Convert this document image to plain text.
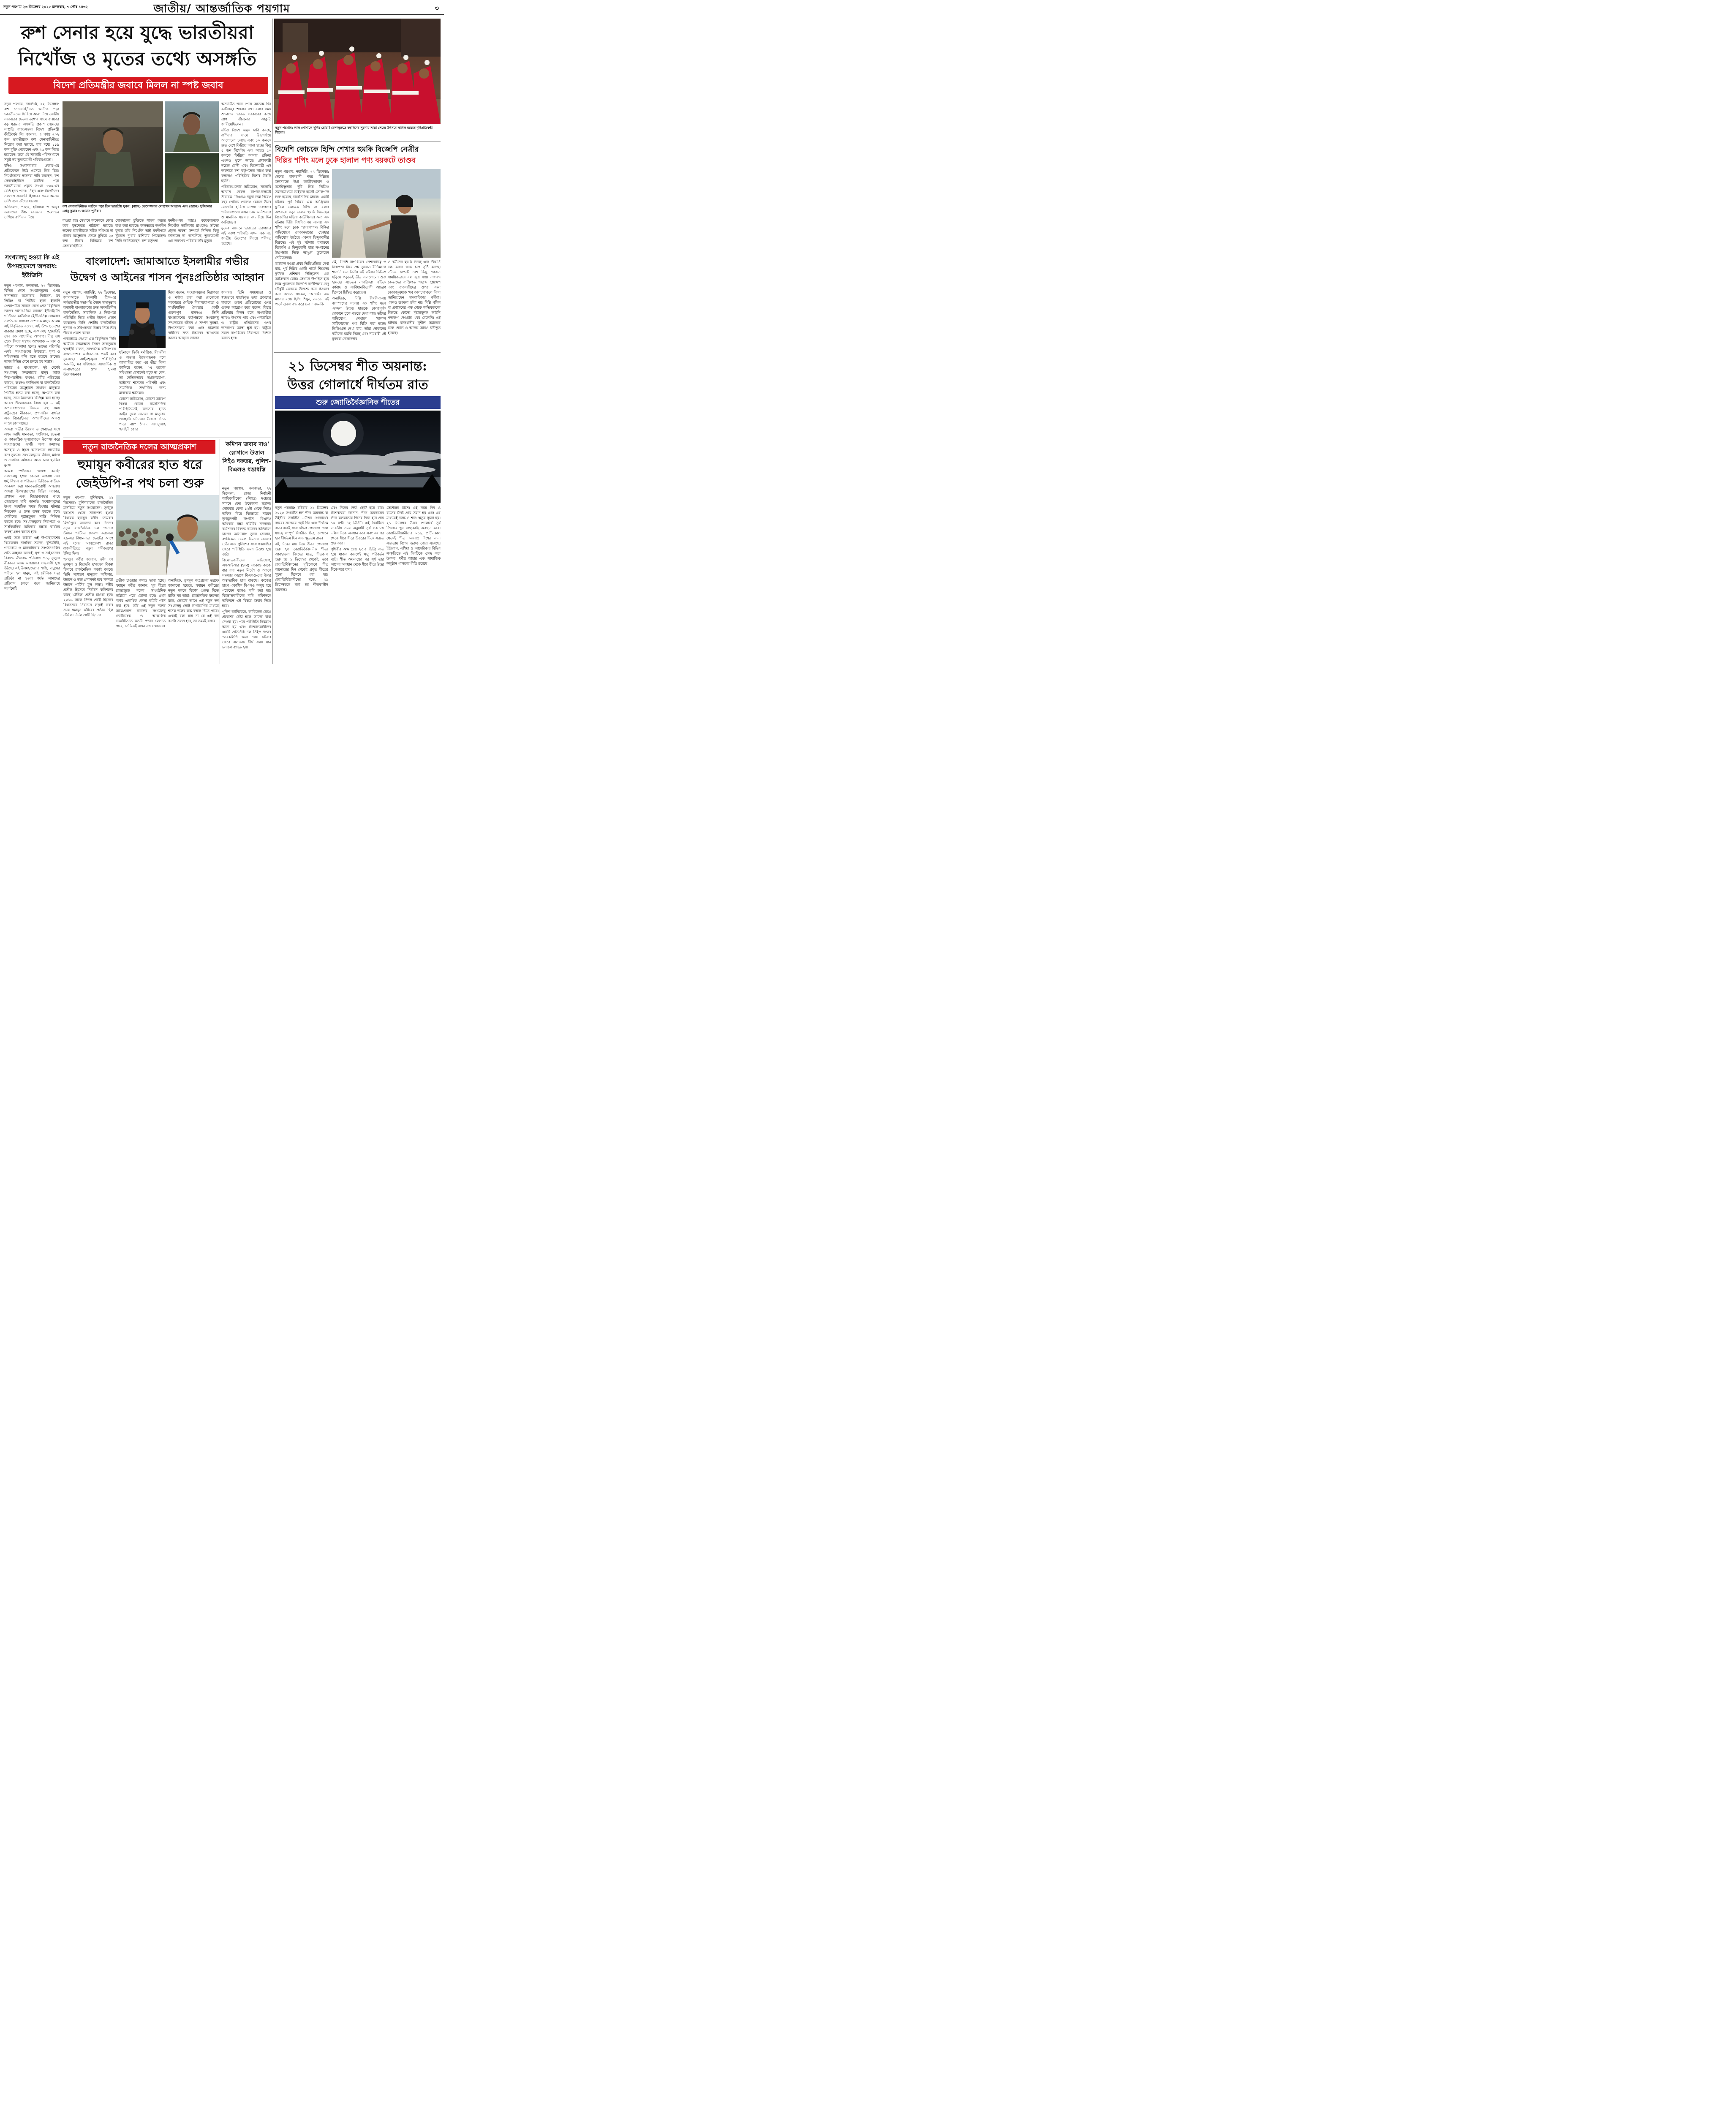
নতুন পয়গাম ২৩ ডিসেম্বর ২০২৫ মঙ্গলবার, ৭ পৌষ ১৪৩২	জাতীয়/ আন্তর্জাতিক পয়গাম	৩
রুশ সেনার হয়ে যুদ্ধে ভারতীয়রা
নিখোঁজ ও মৃতের তথ্যে অসঙ্গতি
বিদেশ প্রতিমন্ত্রীর জবাবে মিলল না স্পষ্ট জবাব
নতুন পয়গাম: লাল পোশাকে খুশির ছোঁয়া! বেঙ্গালুরুতে বড়দিনের সূচনায় সান্তা সেজে উৎসবে সামিল হয়েছে দৃষ্টিপ্রতিবন্ধী শিশুরা।

নতুন পয়গাম, নয়াদিল্লি, ২২ ডিসেম্বর: রুশ সেনাবাহিনীতে আটকে পড়া ভারতীয়দের ফিরিয়ে আনা নিয়ে কেন্দ্রীয় সরকারের দেওয়া তথ্যের সাথে বাস্তবের বড় ধরনের অসঙ্গতি প্রকাশ পেয়েছে। সম্প্রতি রাজ্যসভায় বিদেশ প্রতিমন্ত্রী কীর্তিবর্ধন সিং জানান, এ পর্যন্ত ২০২ জন ভারতীয়কে রুশ সেনাবাহিনীতে নিয়োগ করা হয়েছে, যার মধ্যে ১১৯ জন মুক্তি পেয়েছেন এবং ২৬ জন নিহত হয়েছেন। তবে এই সরকারি পরিসংখ্যানে সন্তুষ্ট নয় ভুক্তভোগী পরিবারগুলো।

যদিও সংবাদমাধ্যম ওয়্যার-এর প্রতিবেদনে উঠে এসেছে ভিন্ন চিত্র। নিখোঁজদের স্বজনরা দাবি করছেন, রুশ সেনাবাহিনীতে আটকে পড়া ভারতীয়দের প্রকৃত সংখ্যা ৮০০-এর বেশি হতে পারে। নিহত এবং নিখোঁজের সংখ্যাও সরকারি হিসাবের চেয়ে অনেক বেশি বলে তাঁদের ধারণা।

অভিযোগ, পঞ্জাব, হরিয়ানা ও জম্মুর তরুণদের উচ্চ বেতনের প্রলোভন দেখিয়ে রাশিয়ায় নিয়ে

রুশ সেনাবাহিনীতে আটকে পড়া তিন ভারতীয় যুবক: (বামে) তেলেঙ্গানার মোহাম্মদ আহমেদ এবং (ডানে) হরিয়ানার সোনু কুমার ও আমান পুনিয়া।
যাওয়া হয়। সেখানে অনেককে জোর করে যুদ্ধক্ষেত্রে পাঠানো হয়েছে। অনেক ভারতীয়কে সঠিক নথিপত্র না থাকার অজুহাতে জেলে ঢুকিয়ে ২৫ লক্ষ টাকার বিনিময়ে রুশ সেনাবাহিনীতে
যোগদানের চুক্তিতে স্বাক্ষর করতে বাধ্য করা হয়েছে। জলন্ধরের জগদীপ কুমার তাঁর নিখোঁজ ভাই মনদীপকে খুঁজতে দু'বার রাশিয়ায় গিয়েছেন। তিনি জানিয়েছেন, রুশ কর্তৃপক্ষ
মনদীপ-সহ আরও কয়েকজনকে নিখোঁজ তালিকায় রাখলেও তাঁদের প্রকৃত অবস্থা সম্পর্কে নিশ্চিত কিছু জানাচ্ছে না। অন্যদিকে, ভুক্তভোগী এক তরুণের পরিবার তাঁর মৃত্যুর

অসমর্থিত খবর পেয়ে আতঙ্কে দিন কাটাচ্ছে। শেষবার কথা বলার সময় শুভাশেষ ভারত সরকারের কাছে প্রাণ বাঁচানোর আকুতি জানিয়েছিলেন।

যদিও বিদেশ মন্ত্রক দাবি করছে, রাশিয়ার সাথে উচ্চপর্যায়ে আলোচনা চলছে এবং ১০ জনকে দ্রুত দেশে ফিরিয়ে আনা হচ্ছে। কিন্তু ৫ জন নিখোঁজ এবং আরও ৫০ জনকে ফিরিয়ে আনার প্রক্রিয়া এখনও ঝুলে আছে। প্রধানমন্ত্রী নরেন্দ্র মোদী এবং বিদেশমন্ত্রী এস জয়শঙ্কর রুশ কর্তৃপক্ষের সাথে কথা বললেও পরিস্থিতির বিশেষ উন্নতি হয়নি।

পরিবারগুলোর অভিযোগ, সরকারি আশ্বাস কেবল কাগজ-কলমেই সীমাবদ্ধ। ডিএনএ নমুনা জমা দিয়েও বছর পেরিয়ে গেলেও কোনো উত্তর মেলেনি। হারিয়ে যাওয়া তরুণদের পরিবারগুলো এখন চরম অনিশ্চয়তা ও মানসিক যন্ত্রণার মধ্য দিয়ে দিন কাটাচ্ছেন।

যুদ্ধের ময়দানে ভারতের তরুণদের এই করুণ পরিণতি এখন এক বড় জাতীয় উদ্বেগের বিষয়ে পরিণত হয়েছে।

বিদেশি কোচকে হিন্দি শেখার হুমকি বিজেপি নেত্রীর
দিল্লির শপিং মলে ঢুকে হালাল পণ্য বয়কটে তাণ্ডব

নতুন পয়গাম, নয়াদিল্লি, ২২ ডিসেম্বর: দেশের রাজধানী শহর দিল্লিতে জনসমক্ষে উগ্র জাতীয়তাবাদ ও অসহিষ্ণুতার দুটি ভিন্ন ভিডিও সমাজমাধ্যমে ভাইরাল হতেই তোলপাড় শুরু হয়েছে রাজনৈতিক মহলে। একটি ঘটনায় পূর্ব দিল্লির এক আফ্রিকান ফুটবল কোচকে হিন্দি না বলার অপরাধে কড়া ভাষায় হুমকি দিয়েছেন বিজেপির মহিলা কাউন্সিলর। অন্য এক ঘটনায় দিল্লি বিশ্ববিদ্যালয় সংলগ্ন এক শপিং মলে ঢুকে 'হালাল'পণ্য বিক্রির অভিযোগে দোকানদারের হেনস্থার অভিযোগ উঠেছে একদল হিন্দুত্ববাদীর বিরুদ্ধে। এই দুই ঘটনায় যথাক্রমে বিজেপি ও হিন্দুত্ববাদী ছাত্র সংগঠনের উগ্রপন্থার দিকে আঙুল তুলেছেন নেটিজেনরা।

ভাইরাল হওয়া প্রথম ভিডিওটিতে দেখা যায়, পূর্ব দিল্লির একটি পার্কে শিশুদের ফুটবল প্রশিক্ষণ দিচ্ছিলেন এক আফ্রিকান কোচ। সেখানে উপস্থিত হয়ে দিল্লি পুরসভার বিজেপি কাউন্সিলর রেণু চৌধুরী কোচকে উদ্দেশ্য করে চিৎকার করে বলতে থাকেন, 'আগামী এক মাসের মধ্যে হিন্দি শিখুন, নয়তো এই পার্কে ঢোকা বন্ধ করে দেব।' এমনকি

ওই বিদেশি নাগরিকের পেশাদারিত্ব ও নিরাপত্তা নিয়ে প্রশ্ন তুলেও রীতিমতো শাসানি দেন তিনি। এই ঘটনার ভিডিও ছড়িয়ে পড়তেই তীব্র সমালোচনা শুরু হয়েছে। সচেতন নাগরিকরা এটিকে বর্ণবাদ ও সংবিধানবিরোধী আচরণ হিসেবে চিহ্নিত করেছেন।

অন্যদিকে, দিল্লি বিশ্ববিদ্যালয় ক্যাম্পাসের সংলগ্ন এক শপিং মলে একদল উন্মত্ত ছাত্রকে জোরপূর্বক দোকানে ঢুকে পড়তে দেখা যায়। তাঁদের অভিযোগ, সেখানে 'হালাল সার্টিফায়েড' পণ্য বিক্রি করা হচ্ছে। ভিডিওতে দেখা যায়, তাঁরা দোকানের কর্মীদের হুমকি দিচ্ছে এবং নামধারী ওই যুবকরা দোকানদার

ও কর্মীদের হুমকি দিচ্ছে এবং উস্কানি বন্ধ করার জন্য চাপ সৃষ্টি করছে। তাঁদের দাপটে বেশ কিছু দোকান সাময়িকভাবে বন্ধ হয়ে যায়। সাধারণ ক্রেতাদের ব্যক্তিগত পছন্দে হস্তক্ষেপ এবং ব্যবসায়ীদের ওপর এমন জোরজুলুমকে 'মব কালচার'বলে নিন্দা জানিয়েছেন মানবাধিকার কর্মীরা। এমনও শুকনো তাঁরা নয়। দিল্লি পুলিশ বা প্রশাসনের পক্ষ থেকে অভিযুক্তদের বিরুদ্ধে কোনো দৃষ্টান্তমূলক আইনি পদক্ষেপ নেওয়ার খবর মেলেনি। এই ঘটনায় রাজধানীর সুশীল সমাজের মধ্যে ক্ষোভ ও আতঙ্ক আরও ঘনীভূত হয়েছে।
সংখ্যালঘু হওয়া কি এই উপমহাদেশে অপরাধ: ইউজিসি

নতুন পয়গাম, কলকাতা, ২২ ডিসেম্বর: বিভিন্ন দেশে সংখ্যালঘুদের ওপর নানাভাবে অত্যাচার, নির্যাতন, মব লিঞ্চিং বা পিটিয়ে হত্যা ইত্যাদি প্রেক্ষাপটকে সামনে রেখে প্রেস বিবৃতিতে তাদের দলিত-চিন্তা জানাল ইউনাইটেড গার্ডিয়ান কাউন্সিল (ইউজিসি)। সোমবার সংগঠনের সাধারণ সম্পাদক মাসুদ আলম এই বিবৃতিতে বলেন, এই উপমহাদেশের বারবার প্রমাণ হচ্ছে, সংখ্যালঘু হওয়াটাই যেন এক অঘোষিত অপরাধ। দীপু দাস হোক কিংবা মহম্মদ আখলাক -- নাম ও পরিচয় আলাদা হলেও তাদের পরিণতি একই। সংখ্যাগুরুর উন্মত্ততা, ঘৃণা ও সহিংসতার বলি হতে হয়েছে তাদের। আজ বিভিন্ন দেশে চলছে মব সন্ত্রাস।

ভারত ও বাংলাদেশ, দুই দেশেই সংখ্যালঘু সম্প্রদায়ের মানুষ আজ নিরাপত্তাহীন। কখনও ধর্মীয় পরিচয়ের কারণে, কখনও জাতিগত বা রাজনৈতিক পরিচয়ের অজুহাতে সাধারণ মানুষকে পিটিয়ে হত্যা করা হচ্ছে, অপমান করা হচ্ছে, সামাজিকভাবে বিচ্ছিন্ন করা হচ্ছে। আরও উদ্বেগজনক বিষয় হল -- এই অপরাধগুলোর বিরুদ্ধে বহু সময় রাষ্ট্রযন্ত্রের নীরবতা, প্রশাসনিক ব্যর্থতা এবং বিচারহীনতা অপরাধীদের আরও সাহস জোগাচ্ছে।

আমরা গভীর উদ্বেগ ও ক্ষোভের সঙ্গে লক্ষ্য করছি মানবতা, সংবিধান, চেতনা ও গণতান্ত্রিক মূল্যবোধকে উপেক্ষা করে সংখ্যাগুরুর একটি অংশ ক্রমাগত অসহায় ও হিংস্র আচরণকে স্বাভাবিক করে তুলছে। সংখ্যালঘুদের জীবন, মর্যাদা ও নাগরিক অধিকার আজ চরম হুমকির মুখে।

আমরা স্পষ্টভাবে ঘোষণা করছি: সংখ্যালঘু হওয়া কোনো অপরাধ নয়। ধর্ম, বিশ্বাস বা পরিচয়ের ভিত্তিতে কাউকে আক্রমণ করা মানবতাবিরোধী অপরাধ। আমরা উপমহাদেশের বিভিন্ন সরকার, প্রশাসন এবং বিচারব্যবস্থার কাছে জোরালো দাবি জানাই। সংখ্যালঘুদের উপর সংঘটিত সমস্ত হিংসার ঘটনার নিরপেক্ষ ও দ্রুত তদন্ত করতে হবে। দোষীদের দৃষ্টান্তমূলক শাস্তি নিশ্চিত করতে হবে। সংখ্যালঘুদের নিরাপত্তা ও সাংবিধানিক অধিকার রক্ষায় কার্যকর ব্যবস্থা গ্রহণ করতে হবে।

একই সঙ্গে আমরা এই উপমহাদেশের বিবেকবান নাগরিক সমাজ, বুদ্ধিজীবী, গণমাধ্যম ও মানবাধিকার সংগঠনগুলির প্রতি আহ্বান জানাই, ঘৃণা ও সহিংসতার বিরুদ্ধে ঐক্যবদ্ধ প্রতিবাদে গড়ে তুলুন। নীরবতা আজ অপরাধের সহযোগী হয়ে উঠছে। এই উপমহাদেশের শান্তি, মানুষের পরিচয় হল মানুষ, এই মৌলিক সত্য প্রতিষ্ঠা না হওয়া পর্যন্ত আমাদের প্রতিবাদ চলবে বলে জানিয়েছে সংগঠনটি।

বাংলাদেশ: জামাআতে ইসলামীর গভীর
উদ্বেগ ও আইনের শাসন পুনঃপ্রতিষ্ঠার আহ্বান

নতুন পয়গাম, নয়াদিল্লি, ২২ ডিসেম্বর: জামাআতে ইসলামী হিন্দ-এর সর্বভারতীয় সভাপতি সৈয়দ সাদাতুল্লাহ হুসাইনী বাংলাদেশের দ্রুত অবনতিশীল রাজনৈতিক, সামাজিক ও নিরাপত্তা পরিস্থিতি নিয়ে গভীর উদ্বেগ প্রকাশ করেছেন। তিনি দেশটির রাজনৈতিক শূন্যতা ও সহিংসতার বিস্তার নিয়ে তীব্র উদ্বেগ প্রকাশ করেন।

গণমাধ্যমে দেওয়া এক বিবৃতিতে তিনি আমীরে জামাআত সৈয়দ সাদাতুল্লাহ হুসাইনী বলেন, সাম্প্রতিক ঘটনাপ্রবাহ বাংলাদেশের অস্থিরতাকে প্রকট করে তুলেছে। আইনশৃঙ্খলা পরিস্থিতির অবনতি, মব সহিংসতা, সাংবাদিক ও সংবাদপত্রের ওপর হামলা উদ্বেগজনক।

ঘটনাকে তিনি মর্মান্তিক, নিন্দনীয় ও অত্যন্ত উদ্বেগজনক বলে আখ্যায়িত করে এর তীব্র নিন্দা জানিয়ে বলেন, "এ ধরনের সহিংসতা যেখানেই ঘটুক না কেন, তা নৈতিকভাবে অগ্রহণযোগ্য, আইনের শাসনের পরিপন্থী এবং সামাজিক সম্প্রীতির জন্য মারাত্মক ক্ষতিকর।

কোনো অভিযোগ, কোনো আবেগ কিংবা কোনো রাজনৈতিক পরিস্থিতিতেই জনতার হাতে আইন তুলে নেওয়া বা মানুষের প্রাণহানি ঘটানোর বৈধতা দিতে পারে না।" সৈয়দ সাদাতুল্লাহ হুসাইনী জোর

দিয়ে বলেন, সংখ্যালঘুদের নিরাপত্তা ও মর্যাদা রক্ষা করা যেকোনো সরকারের নৈতিক বিশ্বাসযোগ্যতা ও সাংবিধানিক বৈধতার একটি গুরুত্বপূর্ণ মানদণ্ড। তিনি বাংলাদেশের কর্তৃপক্ষকে সংখ্যালঘু সম্প্রদায়ের জীবন ও সম্পদ সুরক্ষা, উপাসনালয় রক্ষা এবং হামলায় দায়ীদের দ্রুত বিচারের আওতায় আনার আহ্বান জানান।
জানান। তিনি সময়মতো ও স্বচ্ছভাবে যাচাইকৃত তথ্য প্রকাশের মাধ্যমে গুজব প্রতিরোধের ওপর গুরুত্ব আরোপ করে বলেন, বিচার প্রক্রিয়ায় বিলম্ব হলে অপরাধীরা আরও উৎসাহ পায় এবং গণতান্ত্রিক ও রাষ্ট্রীয় প্রতিষ্ঠানের ওপর জনগণের আস্থা ক্ষুণ্ণ হয়। রাষ্ট্রকে সকল নাগরিকের নিরাপত্তা নিশ্চিত করতে হবে।
২১ ডিসেম্বর শীত অয়নান্ত:
উত্তর গোলার্ধে দীর্ঘতম রাত
শুরু জ্যোতির্বৈজ্ঞানিক শীতের

নতুন পয়গাম: রবিবার ২১ ডিসেম্বর ২০২৫ সংঘটিত হল শীত অয়নান্ত বা উইন্টার সলস্টিস --উত্তর গোলার্ধের বছরের সবচেয়ে ছোট দিন এবং দীর্ঘতম রাত। একই সঙ্গে দক্ষিণ গোলার্ধে দেখা যাচ্ছে সম্পূর্ণ বিপরীত চিত্র; সেখানে হবে দীর্ঘতম দিন এবং ক্ষুদ্রতম রাত।

এই দিনের মধ্য দিয়ে উত্তর গোলার্ধে শুরু হল জ্যোতির্বৈজ্ঞানিক শীত। আবহাওয়া বিদদের মতে, শীতকাল শুরু হয় ১ ডিসেম্বর থেকেই, তবে জ্যোতির্বিজ্ঞানের দৃষ্টিকোণে শীত অয়নান্তের দিন থেকেই প্রকৃত শীতের সূচনা হিসেবে ধরা হয়। জ্যোতির্বিজ্ঞানীদের মতে, ২১ ডিসেম্বরকে বলা হয় শীতকালীন অয়নান্ত।

এবং দিনের দৈর্ঘ্য ছোট হয়ে যায়। বিশেষজ্ঞরা জানান, শীত অয়নান্তের দিনে কলকাতায় দিনের দৈর্ঘ্য হবে প্রায় ১০ ঘণ্টা ৪২ মিনিট। এই দিনটিতে ভারতীয় সময় অনুযায়ী সূর্য সবচেয়ে দক্ষিণ দিকে অবস্থান করে এবং এর পর থেকে ধীরে ধীরে উত্তরের দিকে সরতে শুরু করে।

পৃথিবীর অক্ষ প্রায় ২৩.৫ ডিগ্রি কাত হয়ে থাকার কারণেই ঋতু পরিবর্তন ঘটে। শীত অয়নান্তের পর সূর্য তার আগের অবস্থান থেকে ধীরে ধীরে উত্তর দিকে সরে যায়।

সেপ্টেম্বর মাসে। এই সময় দিন ও রাতের দৈর্ঘ্য প্রায় সমান হয় এবং এর মাধ্যমেই বসন্ত ও শরৎ ঋতুর সূচনা হয়। ২১ ডিসেম্বর উত্তর গোলার্ধে সূর্য দিগন্তের খুব কাছাকাছি অবস্থান করে। জ্যোতির্বিজ্ঞানীদের মতে, প্রাচীনকাল থেকেই শীত অয়নান্ত বিশ্বের নানা সভ্যতায় বিশেষ গুরুত্ব পেয়ে এসেছে। ইউরোপ, এশিয়া ও আমেরিকার বিভিন্ন সংস্কৃতিতে এই দিনটিকে কেন্দ্র করে উৎসব, ধর্মীয় আচার এবং সামাজিক অনুষ্ঠান পালনের রীতি রয়েছে।
নতুন রাজনৈতিক দলের আত্মপ্রকাশ
হুমায়ূন কবীরের হাত ধরে
জেইউপি-র পথ চলা শুরু

নতুন পয়গাম, মুর্শিদাবাদ, ২২ ডিসেম্বর: মুর্শিদাবাদের রাজনৈতিক মানচিত্রে নতুন সংযোজন। তৃণমূল কংগ্রেস থেকে সাসপেন্ড হওয়া বিধায়ক হুমায়ুন কবীর সোমবার মির্জাপুরে জনসভা করে নিজের নতুন রাজনৈতিক দল 'জনতা উন্নয়ন পার্টি'-র ঘোষণা করলেন। ২৬-এর বিধানসভা ভোটের আগে এই দলের আত্মপ্রকাশ রাজ্য রাজনীতিতে নতুন সমীকরণের ইঙ্গিত দিল।

হুমায়ুন কবীর জানান, তাঁর দল তৃণমূল ও বিজেপি দু'পক্ষের বিকল্প হিসাবে রাজনৈতিক লড়াই করবে। তিনি সাধারণ মানুষের অধিকার, উন্নয়ন ও স্বচ্ছ প্রশাসনই হবে 'জনতা উন্নয়ন পার্টি'র মূল লক্ষ্য। দলীয় প্রতীক হিসেবে নির্বাচন কমিশনের কাছে 'টেবিল' প্রতীক চাওয়া হবে। ২০১৬ সালে নির্দল প্রার্থী হিসেবে বিধানসভা নির্বাচনে লড়াই করার সময় হুমায়ুন কবীরের প্রতীক ছিল টেবিল। নির্দল প্রার্থী হিসাবে

প্রতীক চাওয়ার কথাও ভাবা হচ্ছে। হুমায়ুন কবীর জানান, খুব শীঘ্রই রাজ্যজুড়ে দলের সাংগঠনিক কাঠামো গড়ে তোলা হবে। প্রথম দফায় একাধিক জেলা কমিটি গঠন করা হবে। তাঁর এই নতুন দলের আত্মপ্রকাশ রাজ্যের সংখ্যালঘু ভোটব্যাংক ও আঞ্চলিক রাজনীতিতে কতটা প্রভাব ফেলতে পারে, সেদিকেই এখন নজর থাকবে।
অন্যদিকে, তৃণমূল কংগ্রেসের তরফে জানানো হয়েছে, হুমায়ুন কবীরের নতুন দলকে বিশেষ গুরুত্ব দিতে রাজি নয় তারা। রাজনৈতিক মহলের মতে, ভোটের আগে এই নতুন দল সংখ্যালঘু ভোট ভাগাভাগির মাধ্যমে শাসক দলের অঙ্ক বদলে দিতে পারে। এখনই বলা যায় না যে এই দল কতটা সফল হবে, তা সময়ই বলবে।
'কমিশন জবাব দাও' স্লোগানে উত্তাল সিইও দফতর, পুলিশ-বিএলও ধস্তাধস্তি

নতুন পয়গাম, কলকাতা, ২২ ডিসেম্বর: রাজ্য নির্বাচনী আধিকারিকের (সিইও) দপ্তরের সামনে ফের উত্তেজনা ছড়াল। সোমবার বেলা ১২টা থেকে সিইও অফিস ঘিরে বিক্ষোভে নামেন তৃণমূলপন্থী সংগঠন বিএলও অধিকার রক্ষা কমিটির সদস্যরা। কমিশনের বিরুদ্ধে কাজের অতিরিক্ত চাপের অভিযোগ তুলে স্লোগান, ব্যারিকেড ভেঙে ভিতরে ঢোকার চেষ্টা এবং পুলিশের সঙ্গে ধস্তাধস্তির জেরে পরিস্থিতি ক্রমশ উত্তপ্ত হয়ে ওঠে।

বিক্ষোভকারীদের অভিযোগ, এসআইআর (SIR) সংক্রান্ত কাজে বার বার নতুন নির্দেশ ও অ্যাপে সমস্যার কারণে বিএলও-দের উপর অস্বাভাবিক চাপ বাড়ছে। কাজের চাপে একাধিক বিএলও অসুস্থ হয়ে পড়েছেন বলেও দাবি করা হয়। বিক্ষোভকারীদের দাবি, কমিশনকে অবিলম্বে এই বিষয়ে জবাব দিতে হবে।

পুলিশ জানিয়েছে, ব্যারিকেড ভেঙে প্রবেশের চেষ্টা হলে তাদের বাধা দেওয়া হয়। পরে পরিস্থিতি নিয়ন্ত্রণে আনা হয় এবং বিক্ষোভকারীদের একটি প্রতিনিধি দল সিইও দপ্তরে স্মারকলিপি জমা দেয়। ঘটনার জেরে এলাকায় দীর্ঘ সময় যান চলাচল ব্যাহত হয়।
